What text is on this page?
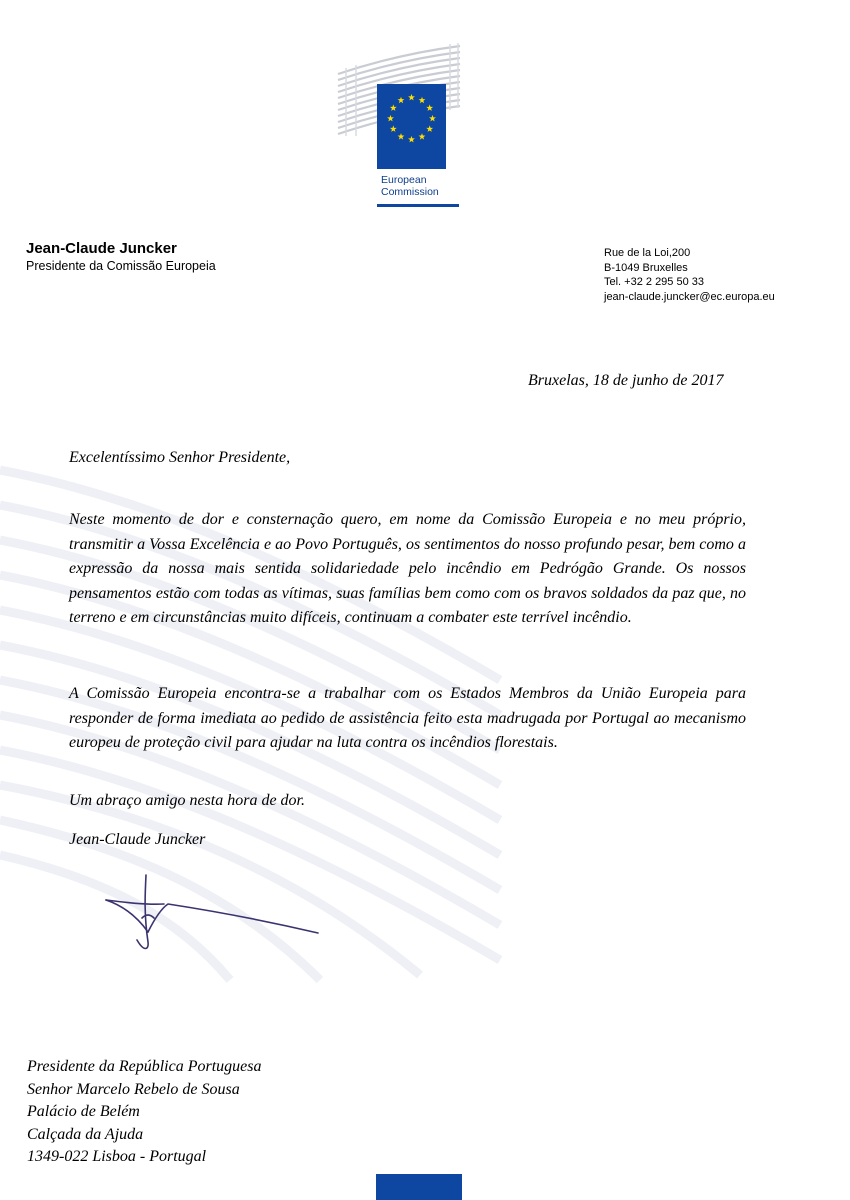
European
Commission
Jean-Claude Juncker
Presidente da Comissão Europeia
Rue de la Loi,200
B-1049 Bruxelles
Tel. +32 2 295 50 33
jean-claude.juncker@ec.europa.eu
Bruxelas, 18 de junho de 2017
Excelentíssimo Senhor Presidente,

Neste momento de dor e consternação quero, em nome da Comissão Europeia e no meu próprio, transmitir a Vossa Excelência e ao Povo Português, os sentimentos do nosso profundo pesar, bem como a expressão da nossa mais sentida solidariedade pelo incêndio em Pedrógão Grande. Os nossos pensamentos estão com todas as vítimas, suas famílias bem como com os bravos soldados da paz que, no terreno e em circunstâncias muito difíceis, continuam a combater este terrível incêndio.

A Comissão Europeia encontra-se a trabalhar com os Estados Membros da União Europeia para responder de forma imediata ao pedido de assistência feito esta madrugada por Portugal ao mecanismo europeu de proteção civil para ajudar na luta contra os incêndios florestais.

Um abraço amigo nesta hora de dor.
Jean-Claude Juncker
Presidente da República Portuguesa
Senhor Marcelo Rebelo de Sousa
Palácio de Belém
Calçada da Ajuda
1349-022 Lisboa - Portugal
